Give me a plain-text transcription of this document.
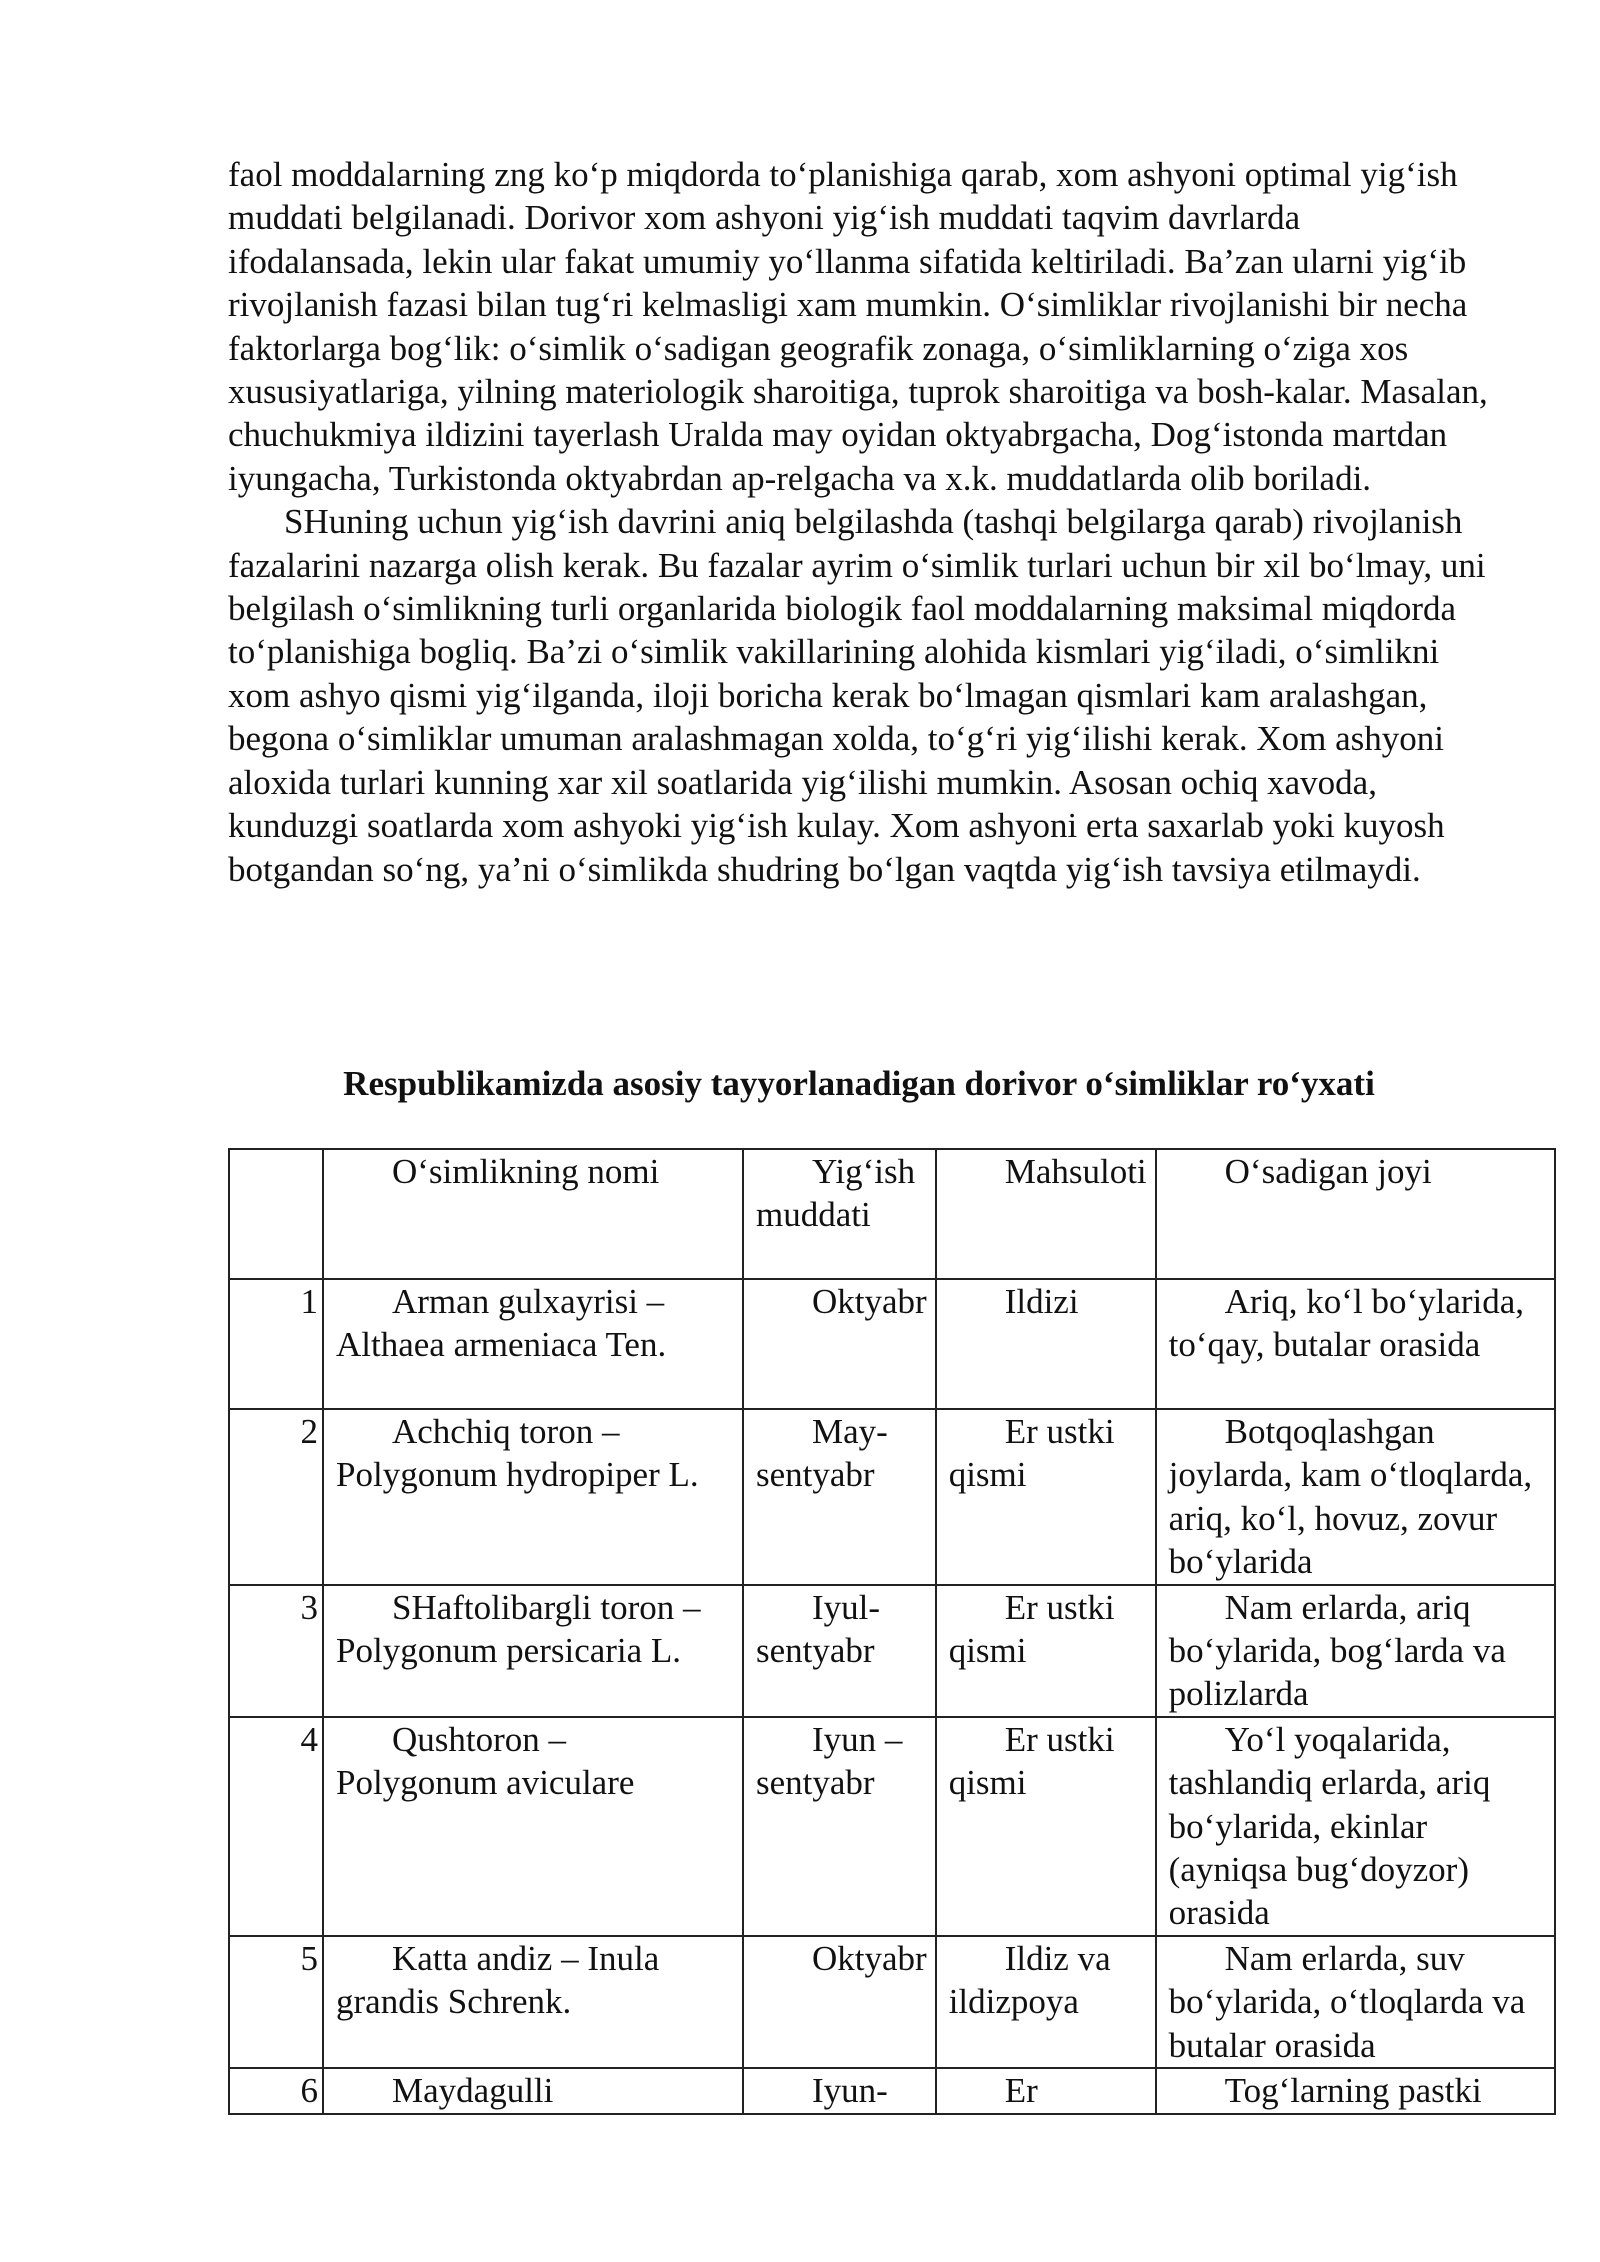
faol moddalarning zng ko‘p miqdorda to‘planishiga qarab, xom ashyoni optimal yig‘ish muddati belgilanadi. Dorivor xom ashyoni yig‘ish muddati taqvim davrlarda ifodalansada, lekin ular fakat umumiy yo‘llanma sifatida keltiriladi. Ba’zan ularni yig‘ib rivojlanish fazasi bilan tug‘ri kelmasligi xam mumkin. O‘simliklar rivojlanishi bir necha faktorlarga bog‘lik: o‘simlik o‘sadigan geografik zonaga, o‘simliklarning o‘ziga xos xususiyatlariga, yilning materiologik sharoitiga, tuprok sharoitiga va bosh-kalar. Masalan, chuchukmiya ildizini tayerlash Uralda may oyidan oktyabrgacha, Dog‘istonda martdan iyungacha, Turkistonda oktyabrdan ap-relgacha va x.k. muddatlarda olib boriladi.

SHuning uchun yig‘ish davrini aniq belgilashda (tashqi belgilarga qarab) rivojlanish fazalarini nazarga olish kerak. Bu fazalar ayrim o‘simlik turlari uchun bir xil bo‘lmay, uni belgilash o‘simlikning turli organlarida biologik faol moddalarning maksimal miqdorda to‘planishiga bogliq. Ba’zi o‘simlik vakillarining alohida kismlari yig‘iladi, o‘simlikni xom ashyo qismi yig‘ilganda, iloji boricha kerak bo‘lmagan qismlari kam aralashgan, begona o‘simliklar umuman aralashmagan xolda, to‘g‘ri yig‘ilishi kerak. Xom ashyoni aloxida turlari kunning xar xil soatlarida yig‘ilishi mumkin. Asosan ochiq xavoda, kunduzgi soatlarda xom ashyoki yig‘ish kulay. Xom ashyoni erta saxarlab yoki kuyosh botgandan so‘ng, ya’ni o‘simlikda shudring bo‘lgan vaqtda yig‘ish tavsiya etilmaydi.

Respublikamizda asosiy tayyorlanadigan dorivor o‘simliklar ro‘yxati

	O‘simlikning nomi	Yig‘ish muddati	Mahsuloti	O‘sadigan joyi

1	Arman gulxayrisi – Althaea armeniaca Ten.	Oktyabr	Ildizi	Ariq, ko‘l bo‘ylarida, to‘qay, butalar orasida

2	Achchiq toron – Polygonum hydropiper L.	May-sentyabr	Er ustki qismi	Botqoqlashgan joylarda, kam o‘tloqlarda, ariq, ko‘l, hovuz, zovur bo‘ylarida

3	SHaftolibargli toron – Polygonum persicaria L.	Iyul-sentyabr	Er ustki qismi	Nam erlarda, ariq bo‘ylarida, bog‘larda va polizlarda

4	Qushtoron – Polygonum aviculare	Iyun – sentyabr	Er ustki qismi	Yo‘l yoqalarida, tashlandiq erlarda, ariq bo‘ylarida, ekinlar (ayniqsa bug‘doyzor) orasida

5	Katta andiz – Inula grandis Schrenk.	Oktyabr	Ildiz va ildizpoya	Nam erlarda, suv bo‘ylarida, o‘tloqlarda va butalar orasida

6	Maydagulli	Iyun-	Er	Tog‘larning pastki
